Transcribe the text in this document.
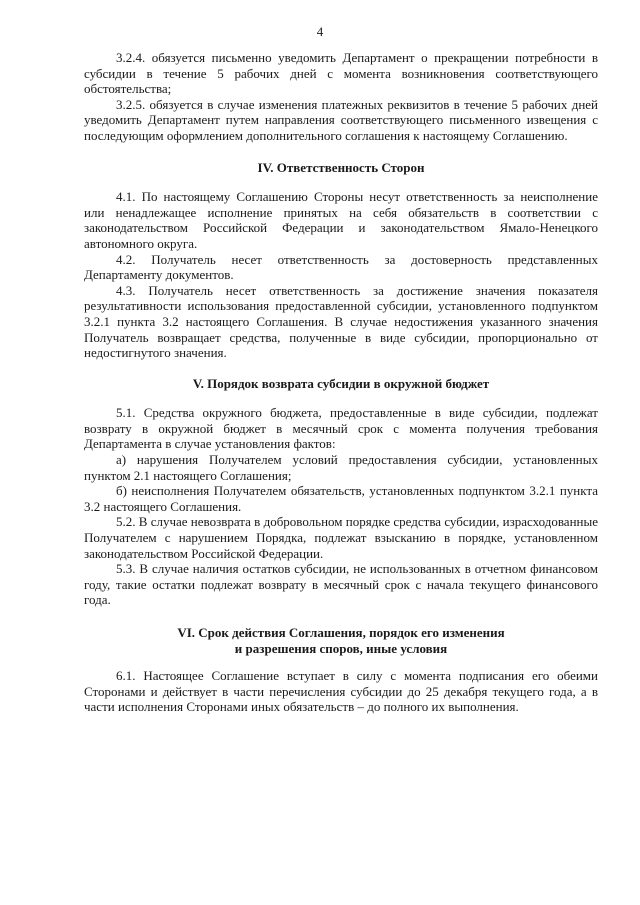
4

3.2.4. обязуется письменно уведомить Департамент о прекращении потребности в субсидии в течение 5 рабочих дней с момента возникновения соответствующего обстоятельства;

3.2.5. обязуется в случае изменения платежных реквизитов в течение 5 рабочих дней уведомить Департамент путем направления соответствующего письменного извещения с последующим оформлением дополнительного соглашения к настоящему Соглашению.

IV. Ответственность Сторон

4.1. По настоящему Соглашению Стороны несут ответственность за неисполнение или ненадлежащее исполнение принятых на себя обязательств в соответствии с законодательством Российской Федерации и законодательством Ямало-Ненецкого автономного округа.

4.2. Получатель несет ответственность за достоверность представленных Департаменту документов.

4.3. Получатель несет ответственность за достижение значения показателя результативности использования предоставленной субсидии, установленного подпунктом 3.2.1 пункта 3.2 настоящего Соглашения. В случае недостижения указанного значения Получатель возвращает средства, полученные в виде субсидии, пропорционально от недостигнутого значения.

V. Порядок возврата субсидии в окружной бюджет

5.1. Средства окружного бюджета, предоставленные в виде субсидии, подлежат возврату в окружной бюджет в месячный срок с момента получения требования Департамента в случае установления фактов:

а) нарушения Получателем условий предоставления субсидии, установленных пунктом 2.1 настоящего Соглашения;

б) неисполнения Получателем обязательств, установленных подпунктом 3.2.1 пункта 3.2 настоящего Соглашения.

5.2. В случае невозврата в добровольном порядке средства субсидии, израсходованные Получателем с нарушением Порядка, подлежат взысканию в порядке, установленном законодательством Российской Федерации.

5.3. В случае наличия остатков субсидии, не использованных в отчетном финансовом году, такие остатки подлежат возврату в месячный срок с начала текущего финансового года.

VI. Срок действия Соглашения, порядок его изменения
и разрешения споров, иные условия

6.1. Настоящее Соглашение вступает в силу с момента подписания его обеими Сторонами и действует в части перечисления субсидии до 25 декабря текущего года, а в части исполнения Сторонами иных обязательств – до полного их выполнения.
